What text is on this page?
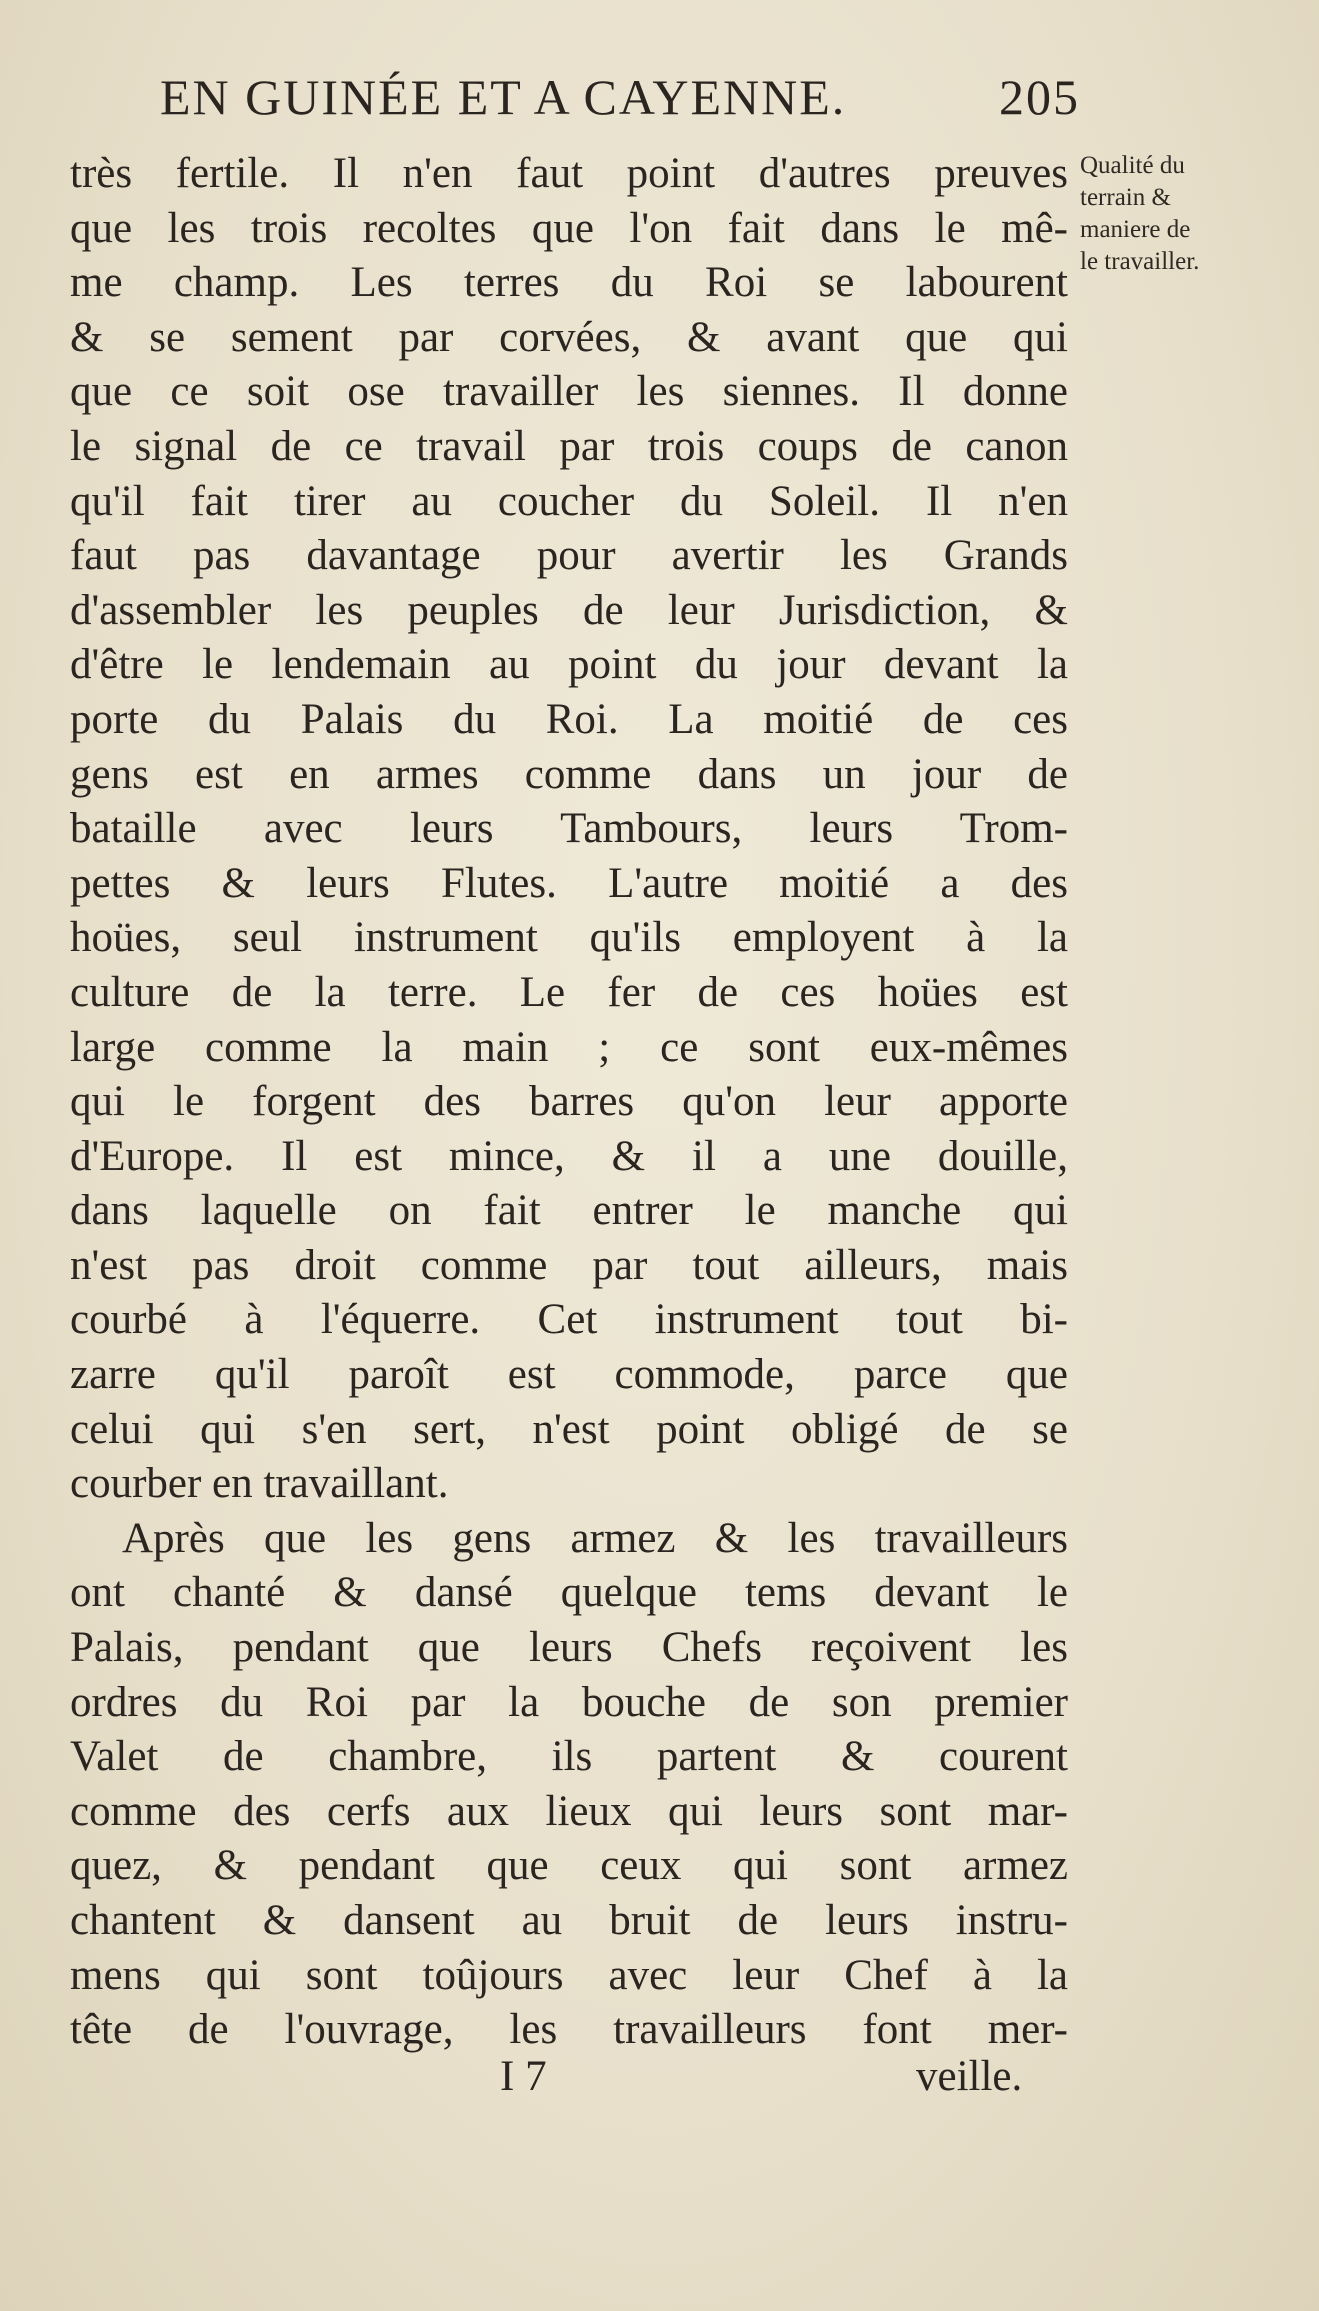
EN GUINÉE ET A CAYENNE.	205
Qualité du
terrain &
maniere de
le travailler.
très fertile. Il n'en faut point d'autres preuves
que les trois recoltes que l'on fait dans le mê-
me champ. Les terres du Roi se labourent
& se sement par corvées, & avant que qui
que ce soit ose travailler les siennes. Il donne
le signal de ce travail par trois coups de canon
qu'il fait tirer au coucher du Soleil. Il n'en
faut pas davantage pour avertir les Grands
d'assembler les peuples de leur Jurisdiction, &
d'être le lendemain au point du jour devant la
porte du Palais du Roi. La moitié de ces
gens est en armes comme dans un jour de
bataille avec leurs Tambours, leurs Trom-
pettes & leurs Flutes. L'autre moitié a des
hoües, seul instrument qu'ils employent à la
culture de la terre. Le fer de ces hoües est
large comme la main ; ce sont eux-mêmes
qui le forgent des barres qu'on leur apporte
d'Europe. Il est mince, & il a une douille,
dans laquelle on fait entrer le manche qui
n'est pas droit comme par tout ailleurs, mais
courbé à l'équerre. Cet instrument tout bi-
zarre qu'il paroît est commode, parce que
celui qui s'en sert, n'est point obligé de se
courber en travaillant.
Après que les gens armez & les travailleurs
ont chanté & dansé quelque tems devant le
Palais, pendant que leurs Chefs reçoivent les
ordres du Roi par la bouche de son premier
Valet de chambre, ils partent & courent
comme des cerfs aux lieux qui leurs sont mar-
quez, & pendant que ceux qui sont armez
chantent & dansent au bruit de leurs instru-
mens qui sont toûjours avec leur Chef à la
tête de l'ouvrage, les travailleurs font mer-
I 7	veille.
